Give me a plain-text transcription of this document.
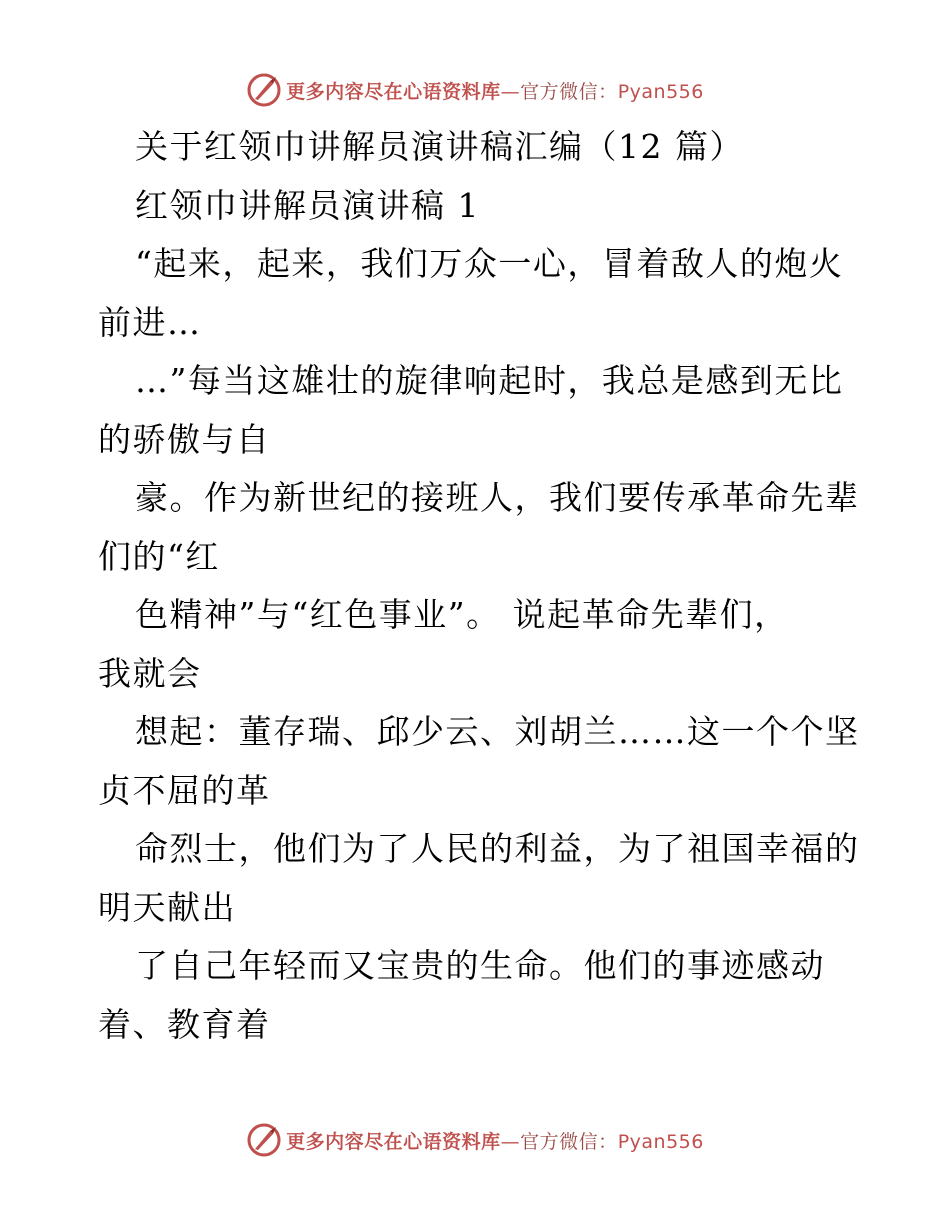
更多内容尽在心语资料库—官方微信：Pyan556
关于红领巾讲解员演讲稿汇编（12 篇）
红领巾讲解员演讲稿 1
“起来，起来，我们万众一心，冒着敌人的炮火
前进…
…”每当这雄壮的旋律响起时，我总是感到无比
的骄傲与自
豪。作为新世纪的接班人，我们要传承革命先辈
们的“红
色精神”与“红色事业”。 说起革命先辈们，
我就会
想起：董存瑞、邱少云、刘胡兰……这一个个坚
贞不屈的革
命烈士，他们为了人民的利益，为了祖国幸福的
明天献出
了自己年轻而又宝贵的生命。他们的事迹感动
着、教育着
更多内容尽在心语资料库—官方微信：Pyan556
